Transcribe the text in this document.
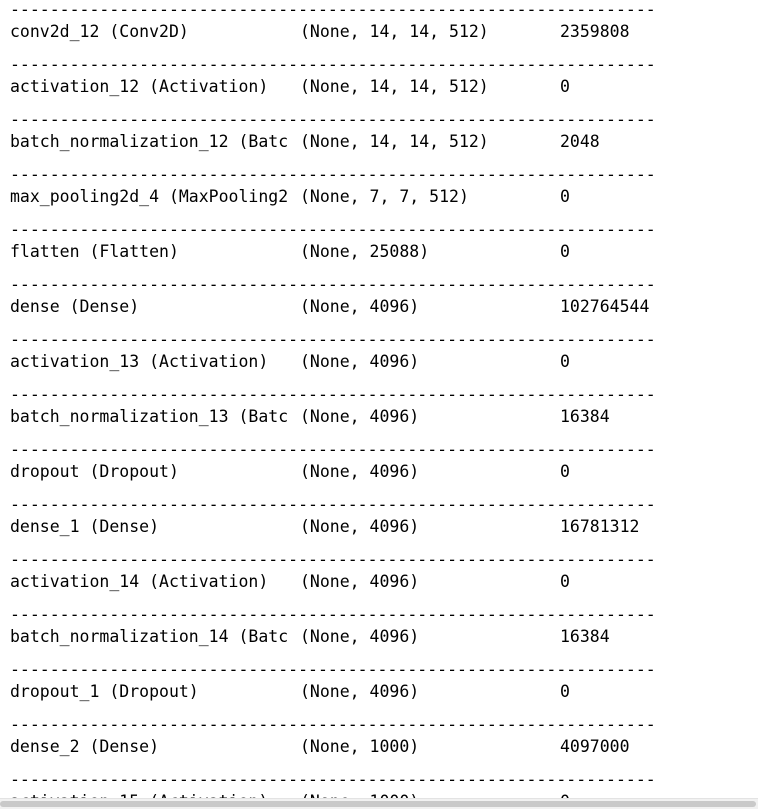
-----------------------------------------------------------------
conv2d_12 (Conv2D)	(None, 14, 14, 512)	2359808
-----------------------------------------------------------------
activation_12 (Activation)	(None, 14, 14, 512)	0
-----------------------------------------------------------------
batch_normalization_12 (Batc (None, 14, 14, 512)	2048
-----------------------------------------------------------------
max_pooling2d_4 (MaxPooling2 (None, 7, 7, 512)	0
-----------------------------------------------------------------
flatten (Flatten)	(None, 25088)	0
-----------------------------------------------------------------
dense (Dense)	(None, 4096)	102764544
-----------------------------------------------------------------
activation_13 (Activation)	(None, 4096)	0
-----------------------------------------------------------------
batch_normalization_13 (Batc (None, 4096)	16384
-----------------------------------------------------------------
dropout (Dropout)	(None, 4096)	0
-----------------------------------------------------------------
dense_1 (Dense)	(None, 4096)	16781312
-----------------------------------------------------------------
activation_14 (Activation)	(None, 4096)	0
-----------------------------------------------------------------
batch_normalization_14 (Batc (None, 4096)	16384
-----------------------------------------------------------------
dropout_1 (Dropout)	(None, 4096)	0
-----------------------------------------------------------------
dense_2 (Dense)	(None, 1000)	4097000
-----------------------------------------------------------------
